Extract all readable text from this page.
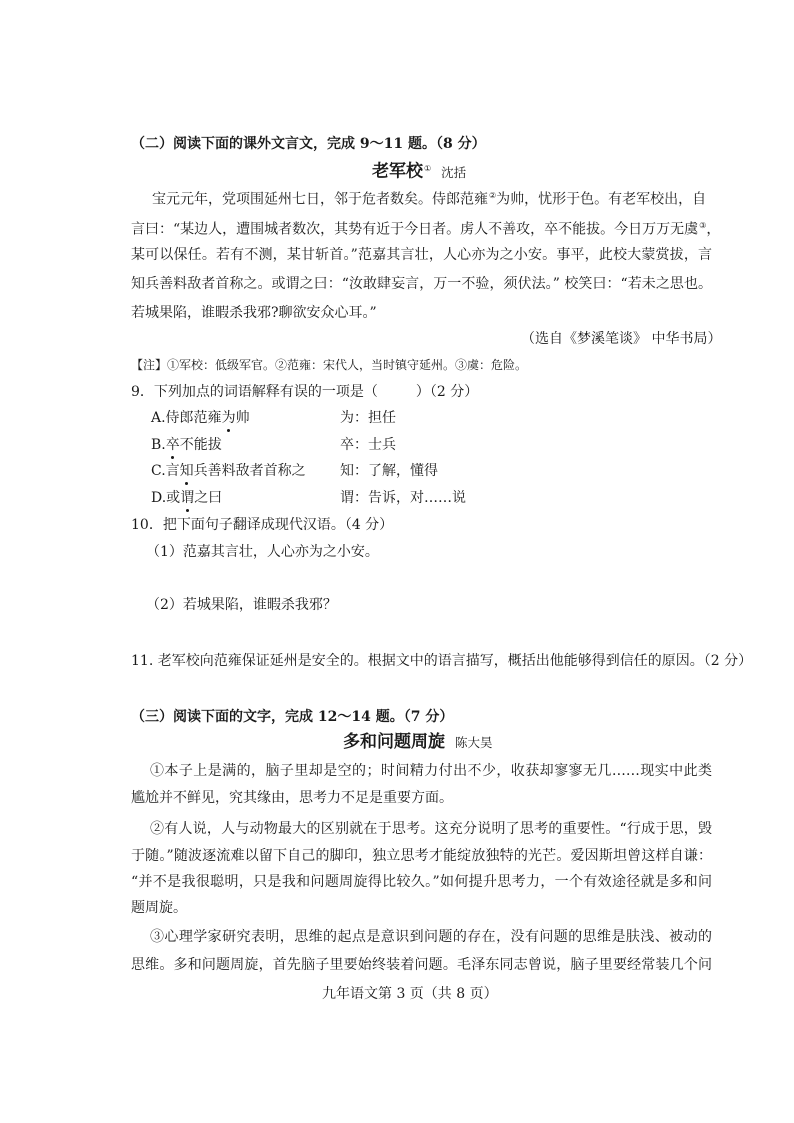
（二）阅读下面的课外文言文，完成 9～11 题。（8 分）
老军校① 沈括
宝元元年，党项围延州七日，邻于危者数矣。侍郎范雍②为帅，忧形于色。有老军校出，自
言曰：“某边人，遭围城者数次，其势有近于今日者。虏人不善攻，卒不能拔。今日万万无虞③，
某可以保任。若有不测，某甘斩首。”范嘉其言壮，人心亦为之小安。事平，此校大蒙赏拔，言
知兵善料敌者首称之。或谓之曰：“汝敢肆妄言，万一不验，须伏法。” 校笑曰：“若未之思也。
若城果陷，谁暇杀我邪?聊欲安众心耳。”
（选自《梦溪笔谈》 中华书局）
【注】①军校：低级军官。②范雍：宋代人，当时镇守延州。③虞：危险。
9．下列加点的词语解释有误的一项是（	）（2 分）
A.侍郎范雍为帅	为：担任
B.卒不能拔	卒：士兵
C.言知兵善料敌者首称之 知：了解，懂得
D.或谓之曰	谓：告诉，对……说
10．把下面句子翻译成现代汉语。（4 分）
（1）范嘉其言壮，人心亦为之小安。
（2）若城果陷，谁暇杀我邪？
11. 老军校向范雍保证延州是安全的。根据文中的语言描写，概括出他能够得到信任的原因。（2 分）
（三）阅读下面的文字，完成 12～14 题。（7 分）
多和问题周旋 陈大昊
①本子上是满的，脑子里却是空的；时间精力付出不少，收获却寥寥无几……现实中此类
尴尬并不鲜见，究其缘由，思考力不足是重要方面。
②有人说，人与动物最大的区别就在于思考。这充分说明了思考的重要性。“行成于思，毁
于随。”随波逐流难以留下自己的脚印，独立思考才能绽放独特的光芒。爱因斯坦曾这样自谦：
“并不是我很聪明，只是我和问题周旋得比较久。”如何提升思考力，一个有效途径就是多和问
题周旋。
③心理学家研究表明，思维的起点是意识到问题的存在，没有问题的思维是肤浅、被动的
思维。多和问题周旋，首先脑子里要始终装着问题。毛泽东同志曾说，脑子里要经常装几个问
九年语文第 3 页（共 8 页）
